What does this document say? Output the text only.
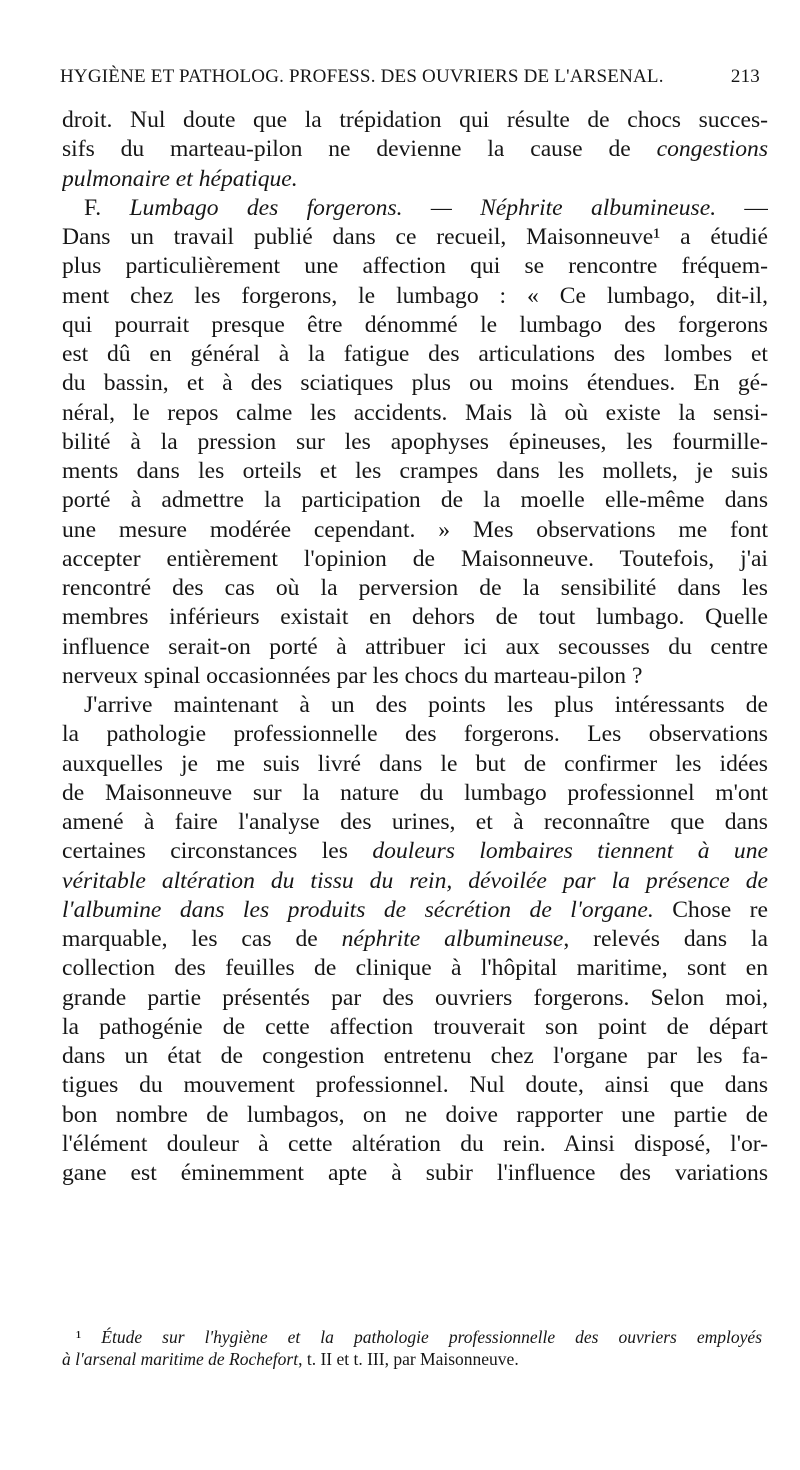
HYGIÈNE ET PATHOLOG. PROFESS. DES OUVRIERS DE L'ARSENAL.	213
droit. Nul doute que la trépidation qui résulte de chocs succes-
sifs du marteau-pilon ne devienne la cause de congestions
pulmonaire et hépatique.
F. Lumbago des forgerons. — Néphrite albumineuse. —
Dans un travail publié dans ce recueil, Maisonneuve¹ a étudié
plus particulièrement une affection qui se rencontre fréquem-
ment chez les forgerons, le lumbago : « Ce lumbago, dit-il,
qui pourrait presque être dénommé le lumbago des forgerons
est dû en général à la fatigue des articulations des lombes et
du bassin, et à des sciatiques plus ou moins étendues. En gé-
néral, le repos calme les accidents. Mais là où existe la sensi-
bilité à la pression sur les apophyses épineuses, les fourmille-
ments dans les orteils et les crampes dans les mollets, je suis
porté à admettre la participation de la moelle elle-même dans
une mesure modérée cependant. » Mes observations me font
accepter entièrement l'opinion de Maisonneuve. Toutefois, j'ai
rencontré des cas où la perversion de la sensibilité dans les
membres inférieurs existait en dehors de tout lumbago. Quelle
influence serait-on porté à attribuer ici aux secousses du centre
nerveux spinal occasionnées par les chocs du marteau-pilon ?
J'arrive maintenant à un des points les plus intéressants de
la pathologie professionnelle des forgerons. Les observations
auxquelles je me suis livré dans le but de confirmer les idées
de Maisonneuve sur la nature du lumbago professionnel m'ont
amené à faire l'analyse des urines, et à reconnaître que dans
certaines circonstances les douleurs lombaires tiennent à une
véritable altération du tissu du rein, dévoilée par la présence de
l'albumine dans les produits de sécrétion de l'organe. Chose re
marquable, les cas de néphrite albumineuse, relevés dans la
collection des feuilles de clinique à l'hôpital maritime, sont en
grande partie présentés par des ouvriers forgerons. Selon moi,
la pathogénie de cette affection trouverait son point de départ
dans un état de congestion entretenu chez l'organe par les fa-
tigues du mouvement professionnel. Nul doute, ainsi que dans
bon nombre de lumbagos, on ne doive rapporter une partie de
l'élément douleur à cette altération du rein. Ainsi disposé, l'or-
gane est éminemment apte à subir l'influence des variations
¹ Étude sur l'hygiène et la pathologie professionnelle des ouvriers employés
à l'arsenal maritime de Rochefort, t. II et t. III, par Maisonneuve.
